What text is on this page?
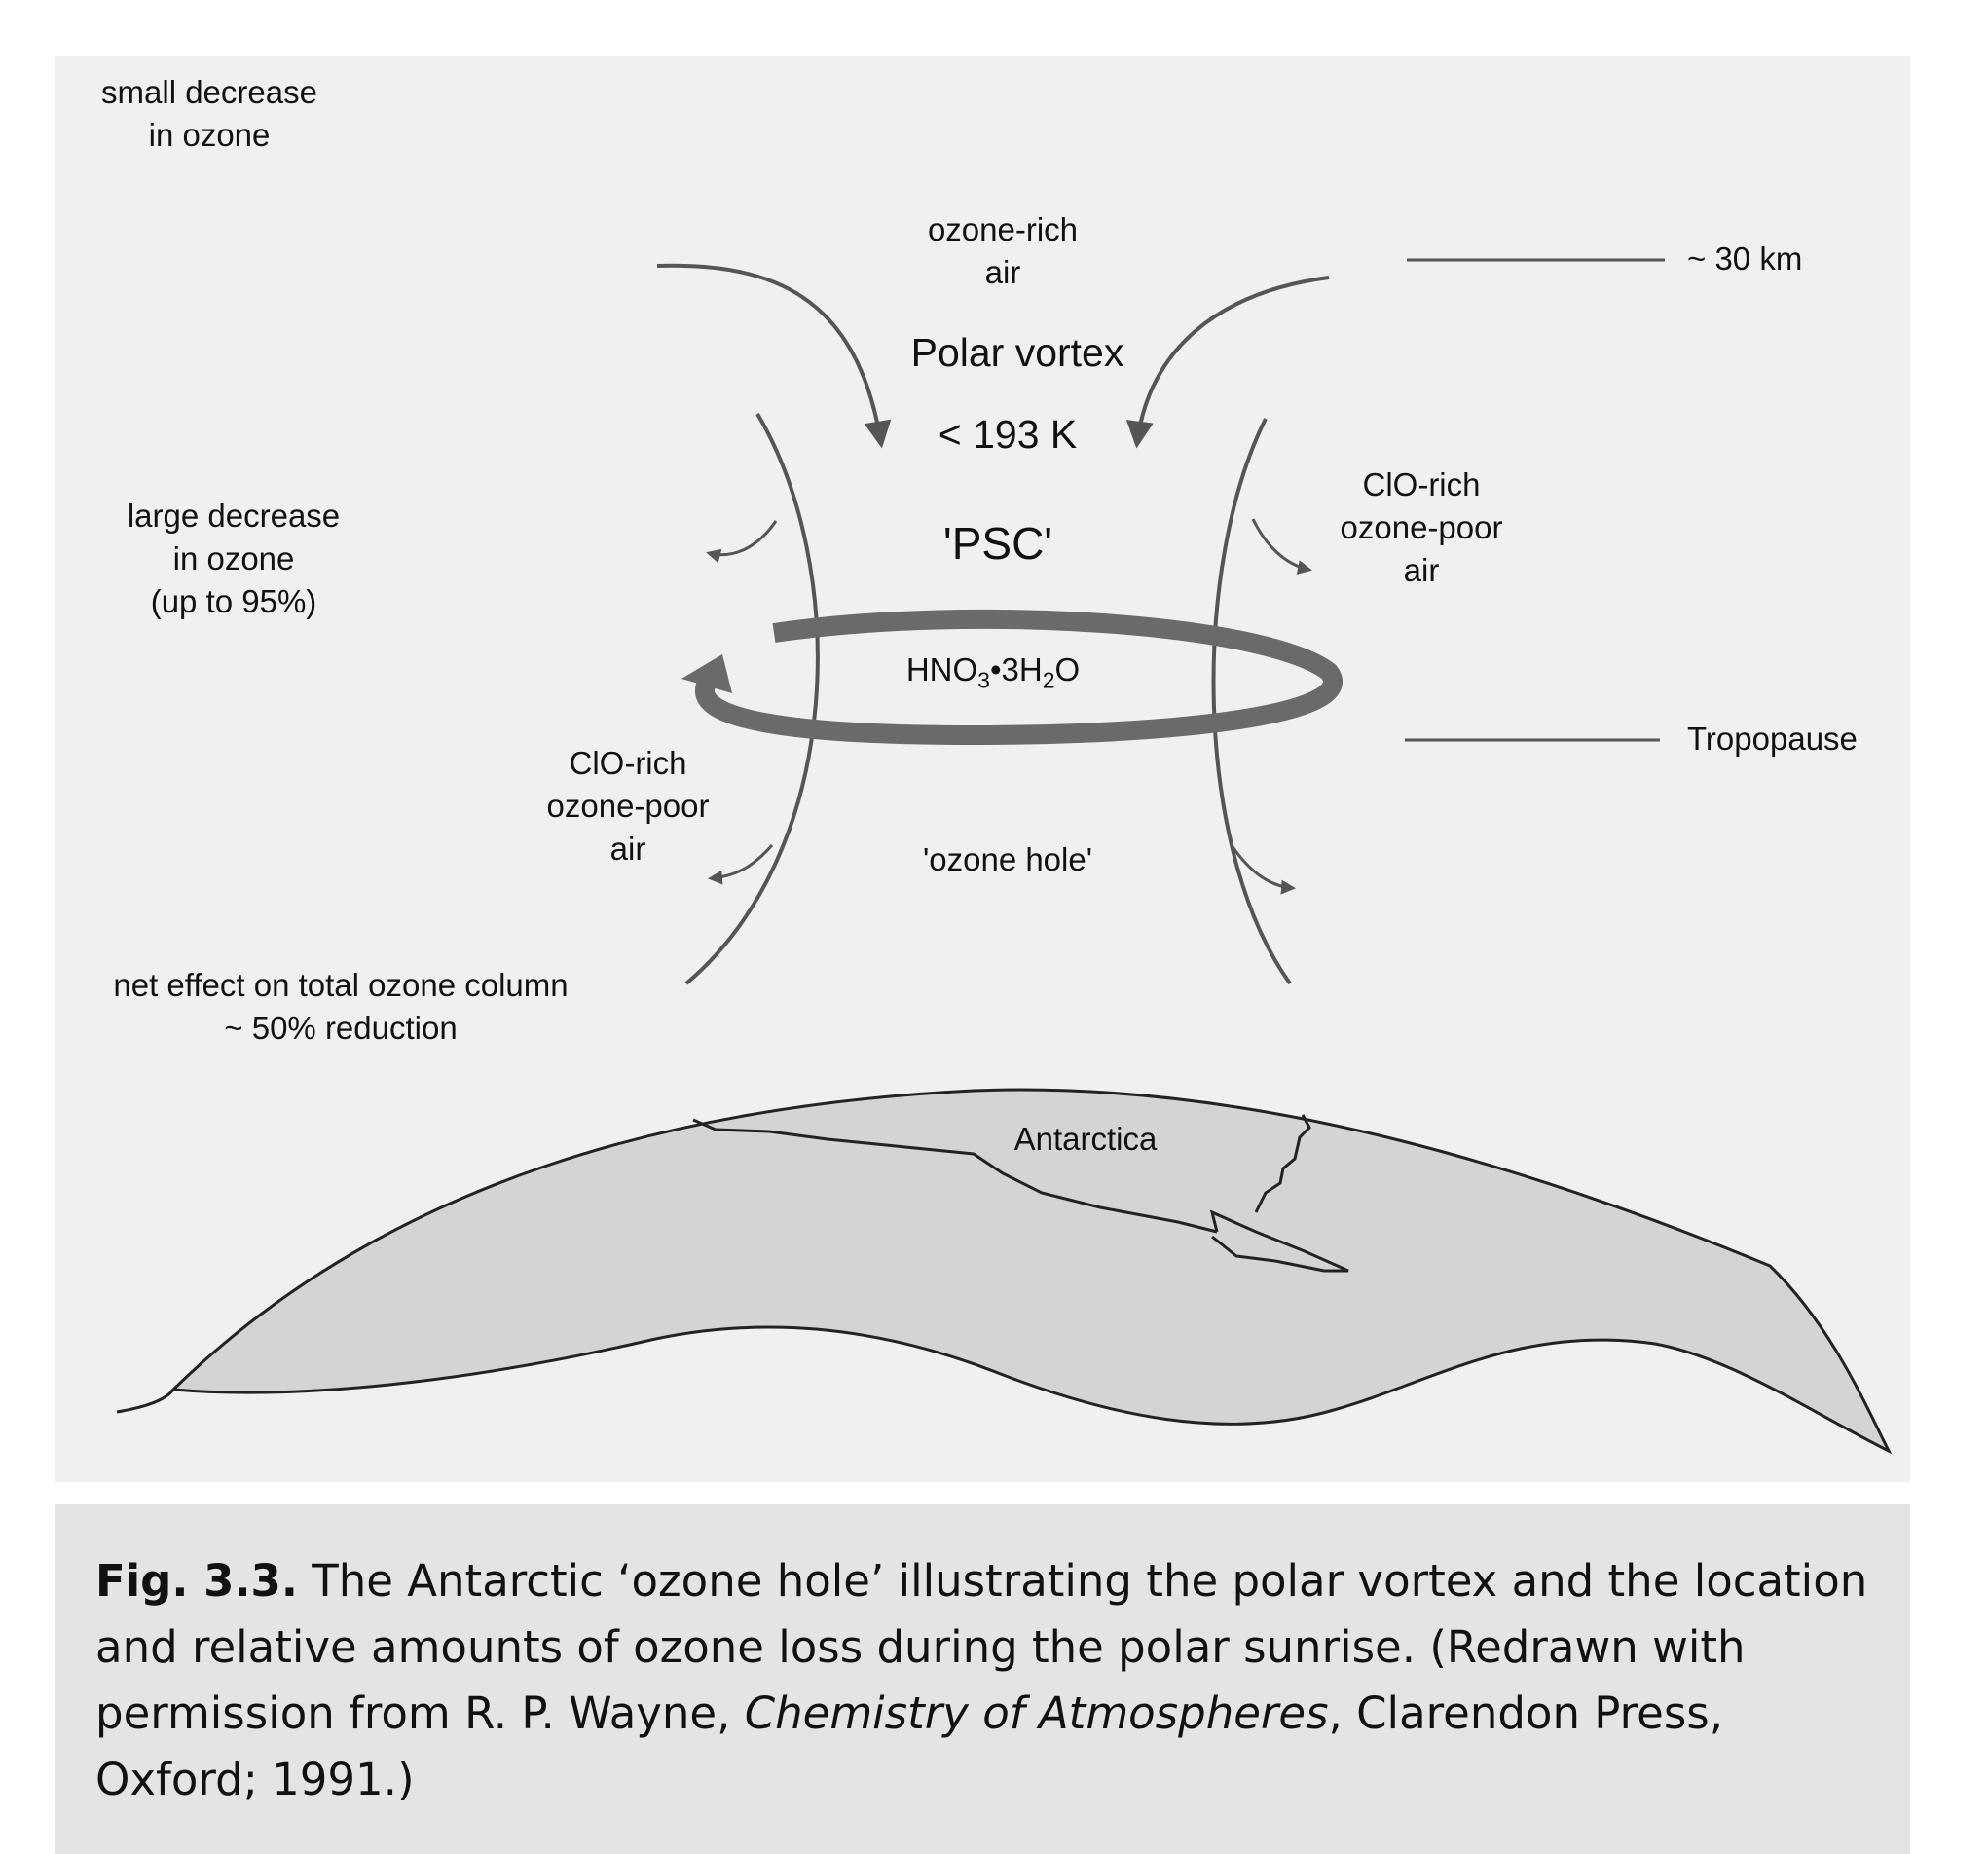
small decrease
in ozone
ozone-rich
air	~ 30 km
Polar vortex
< 193 K
large decrease
in ozone
(up to 95%)
ClO-rich
ozone-poor
air
'PSC'
$HNO_3•3H_2O$
Tropopause
ClO-rich
ozone-poor
air	'ozone hole'
net effect on total ozone column
~ 50% reduction
Antarctica
Fig. 3.3. The Antarctic ‘ozone hole’ illustrating the polar vortex and the location and relative amounts of ozone loss during the polar sunrise. (Redrawn with permission from R. P. Wayne, Chemistry of Atmospheres, Clarendon Press, Oxford; 1991.)
